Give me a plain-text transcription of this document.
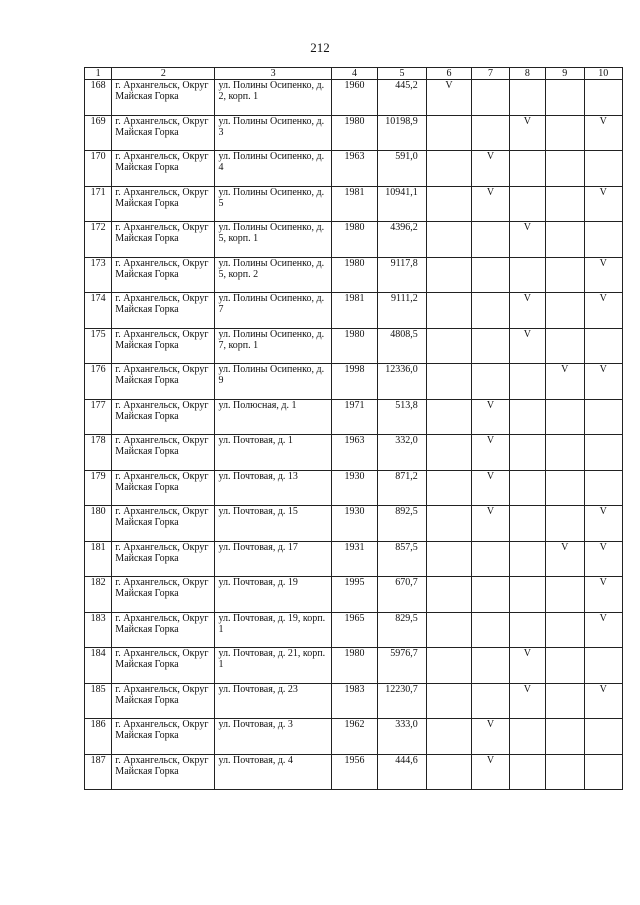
212
1	2	3	4	5	6	7	8	9	10
168	г. Архангельск, Округ Майская Горка	ул. Полины Осипенко, д. 2, корп. 1	1960	445,2	V				
169	г. Архангельск, Округ Майская Горка	ул. Полины Осипенко, д. 3	1980	10198,9			V		V
170	г. Архангельск, Округ Майская Горка	ул. Полины Осипенко, д. 4	1963	591,0		V			
171	г. Архангельск, Округ Майская Горка	ул. Полины Осипенко, д. 5	1981	10941,1		V			V
172	г. Архангельск, Округ Майская Горка	ул. Полины Осипенко, д. 5, корп. 1	1980	4396,2			V		
173	г. Архангельск, Округ Майская Горка	ул. Полины Осипенко, д. 5, корп. 2	1980	9117,8					V
174	г. Архангельск, Округ Майская Горка	ул. Полины Осипенко, д. 7	1981	9111,2			V		V
175	г. Архангельск, Округ Майская Горка	ул. Полины Осипенко, д. 7, корп. 1	1980	4808,5			V		
176	г. Архангельск, Округ Майская Горка	ул. Полины Осипенко, д. 9	1998	12336,0				V	V
177	г. Архангельск, Округ Майская Горка	ул. Полюсная, д. 1	1971	513,8		V			
178	г. Архангельск, Округ Майская Горка	ул. Почтовая, д. 1	1963	332,0		V			
179	г. Архангельск, Округ Майская Горка	ул. Почтовая, д. 13	1930	871,2		V			
180	г. Архангельск, Округ Майская Горка	ул. Почтовая, д. 15	1930	892,5		V			V
181	г. Архангельск, Округ Майская Горка	ул. Почтовая, д. 17	1931	857,5				V	V
182	г. Архангельск, Округ Майская Горка	ул. Почтовая, д. 19	1995	670,7					V
183	г. Архангельск, Округ Майская Горка	ул. Почтовая, д. 19, корп. 1	1965	829,5					V
184	г. Архангельск, Округ Майская Горка	ул. Почтовая, д. 21, корп. 1	1980	5976,7			V		
185	г. Архангельск, Округ Майская Горка	ул. Почтовая, д. 23	1983	12230,7			V		V
186	г. Архангельск, Округ Майская Горка	ул. Почтовая, д. 3	1962	333,0		V			
187	г. Архангельск, Округ Майская Горка	ул. Почтовая, д. 4	1956	444,6		V			
